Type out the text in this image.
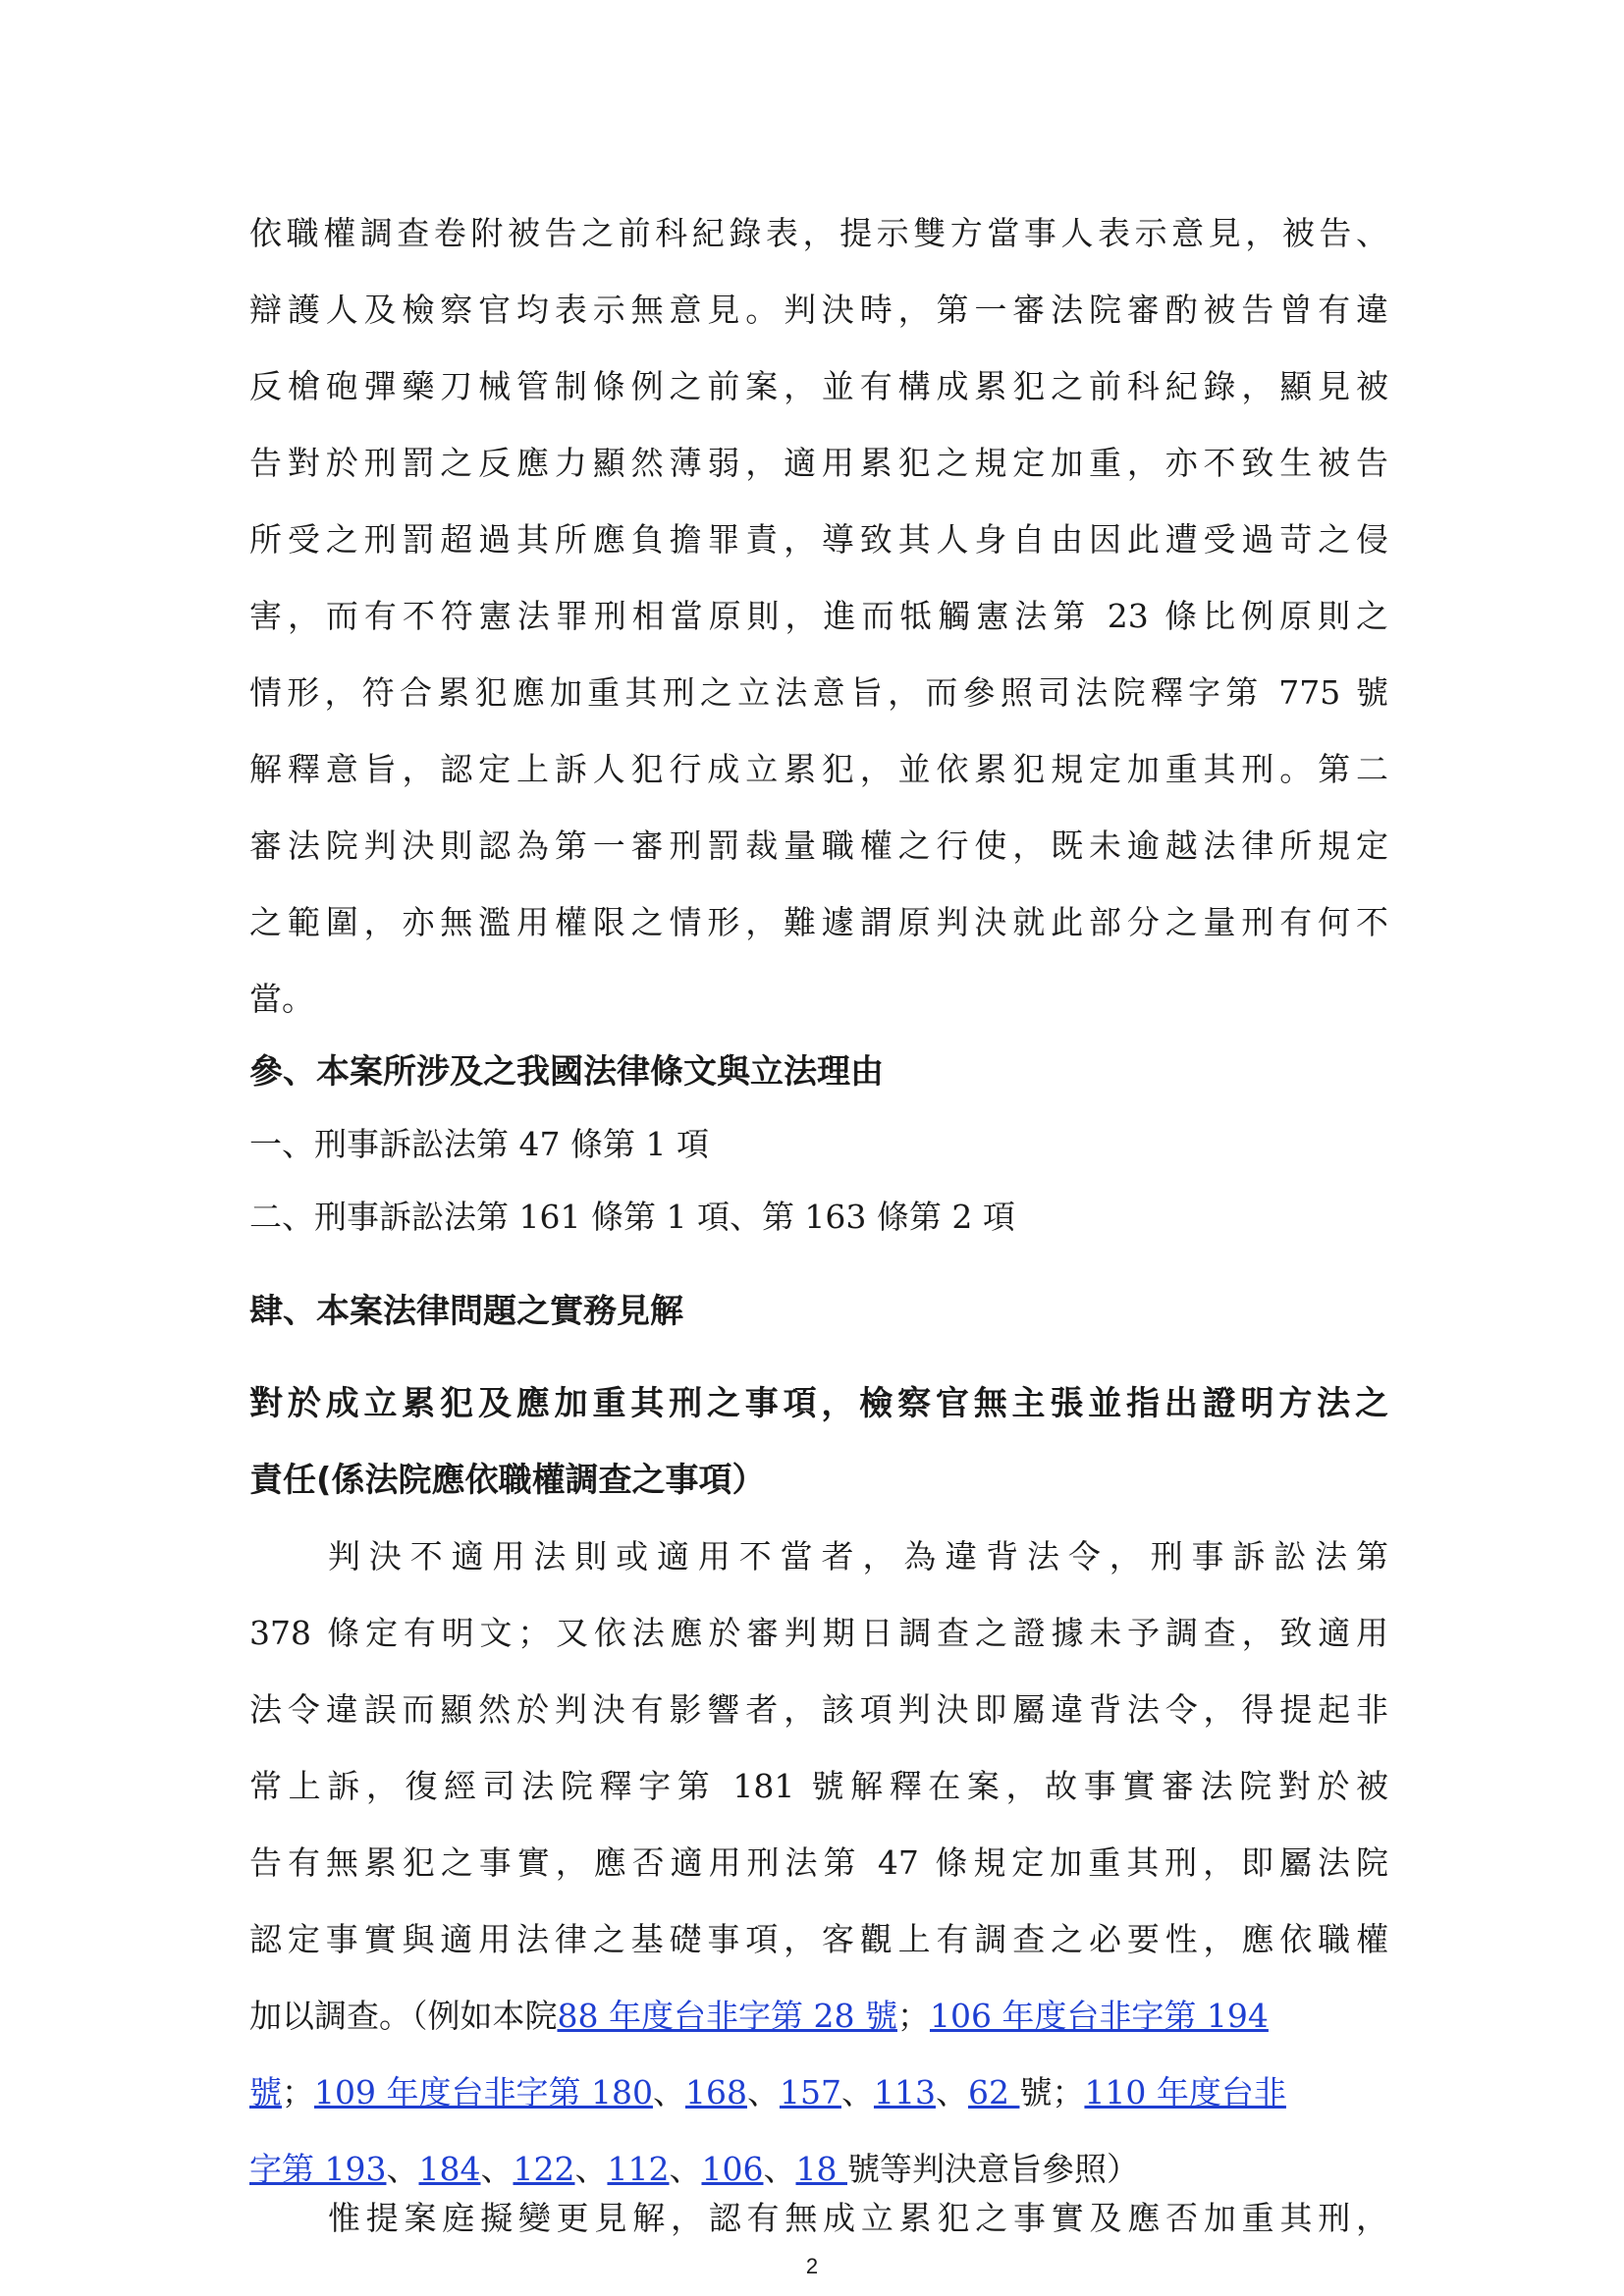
依職權調查卷附被告之前科紀錄表，提示雙方當事人表示意見，被告、
辯護人及檢察官均表示無意見。判決時，第一審法院審酌被告曾有違
反槍砲彈藥刀械管制條例之前案，並有構成累犯之前科紀錄，顯見被
告對於刑罰之反應力顯然薄弱，適用累犯之規定加重，亦不致生被告
所受之刑罰超過其所應負擔罪責，導致其人身自由因此遭受過苛之侵
害，而有不符憲法罪刑相當原則，進而牴觸憲法第 23 條比例原則之
情形，符合累犯應加重其刑之立法意旨，而參照司法院釋字第 775 號
解釋意旨，認定上訴人犯行成立累犯，並依累犯規定加重其刑。第二
審法院判決則認為第一審刑罰裁量職權之行使，既未逾越法律所規定
之範圍，亦無濫用權限之情形，難遽謂原判決就此部分之量刑有何不
當。
參、本案所涉及之我國法律條文與立法理由
一、刑事訴訟法第 47 條第 1 項
二、刑事訴訟法第 161 條第 1 項、第 163 條第 2 項
肆、本案法律問題之實務見解
對於成立累犯及應加重其刑之事項，檢察官無主張並指出證明方法之
責任(係法院應依職權調查之事項）
判決不適用法則或適用不當者，為違背法令，刑事訴訟法第
378 條定有明文；又依法應於審判期日調查之證據未予調查，致適用
法令違誤而顯然於判決有影響者，該項判決即屬違背法令，得提起非
常上訴，復經司法院釋字第 181 號解釋在案，故事實審法院對於被
告有無累犯之事實，應否適用刑法第 47 條規定加重其刑，即屬法院
認定事實與適用法律之基礎事項，客觀上有調查之必要性，應依職權
加以調查。（例如本院88 年度台非字第 28 號；106 年度台非字第 194
號；109 年度台非字第 180、168、157、113、62 號；110 年度台非
字第 193、184、122、112、106、18 號等判決意旨參照）
2
惟提案庭擬變更見解，認有無成立累犯之事實及應否加重其刑，
